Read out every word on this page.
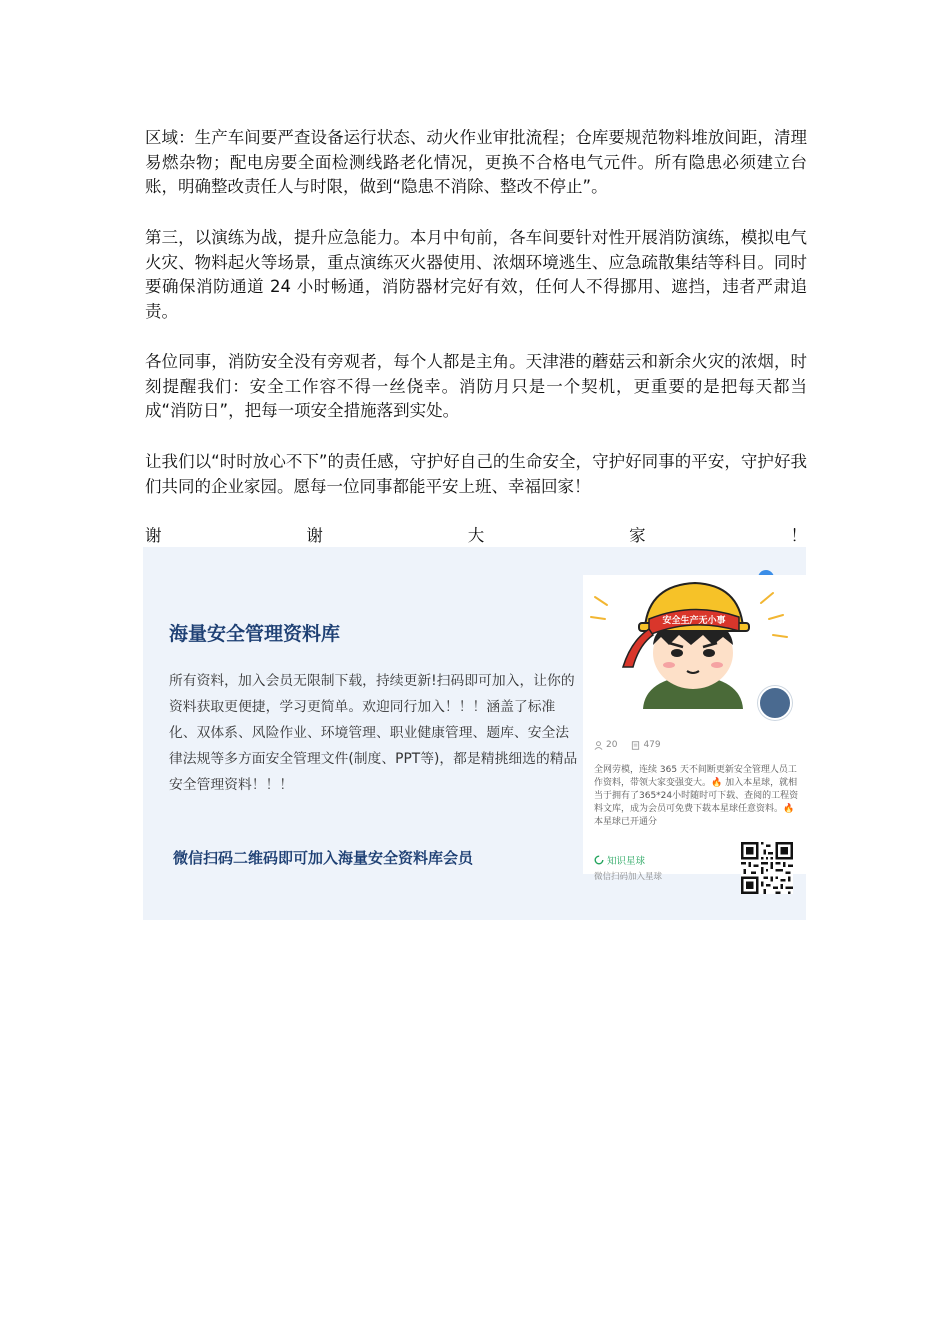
区域：生产车间要严查设备运行状态、动火作业审批流程；仓库要规范物料堆放间距，清理易燃杂物；配电房要全面检测线路老化情况，更换不合格电气元件。所有隐患必须建立台账，明确整改责任人与时限，做到“隐患不消除、整改不停止”。

第三，以演练为战，提升应急能力。本月中旬前，各车间要针对性开展消防演练，模拟电气火灾、物料起火等场景，重点演练灭火器使用、浓烟环境逃生、应急疏散集结等科目。同时要确保消防通道 24 小时畅通，消防器材完好有效，任何人不得挪用、遮挡，违者严肃追责。

各位同事，消防安全没有旁观者，每个人都是主角。天津港的蘑菇云和新余火灾的浓烟，时刻提醒我们：安全工作容不得一丝侥幸。消防月只是一个契机，更重要的是把每天都当成“消防日”，把每一项安全措施落到实处。

让我们以“时时放心不下”的责任感，守护好自己的生命安全，守护好同事的平安，守护好我们共同的企业家园。愿每一位同事都能平安上班、幸福回家！

谢	谢	大	家	！
海量安全管理资料库

所有资料，加入会员无限制下载，持续更新!扫码即可加入，让你的资料获取更便捷，学习更简单。欢迎同行加入！！！涵盖了标准化、双体系、风险作业、环境管理、职业健康管理、题库、安全法律法规等多方面安全管理文件(制度、PPT等)，都是精挑细选的精品安全管理资料！！！

微信扫码二维码即可加入海量安全资料库会员

安全生产无小事
20	479

全网劳模，连续 365 天不间断更新安全管理人员工作资料，带领大家变强变大。🔥 加入本星球，就相当于拥有了365*24小时随时可下载、查阅的工程资料文库，成为会员可免费下载本星球任意资料。🔥 本星球已开通分

知识星球
微信扫码加入星球
